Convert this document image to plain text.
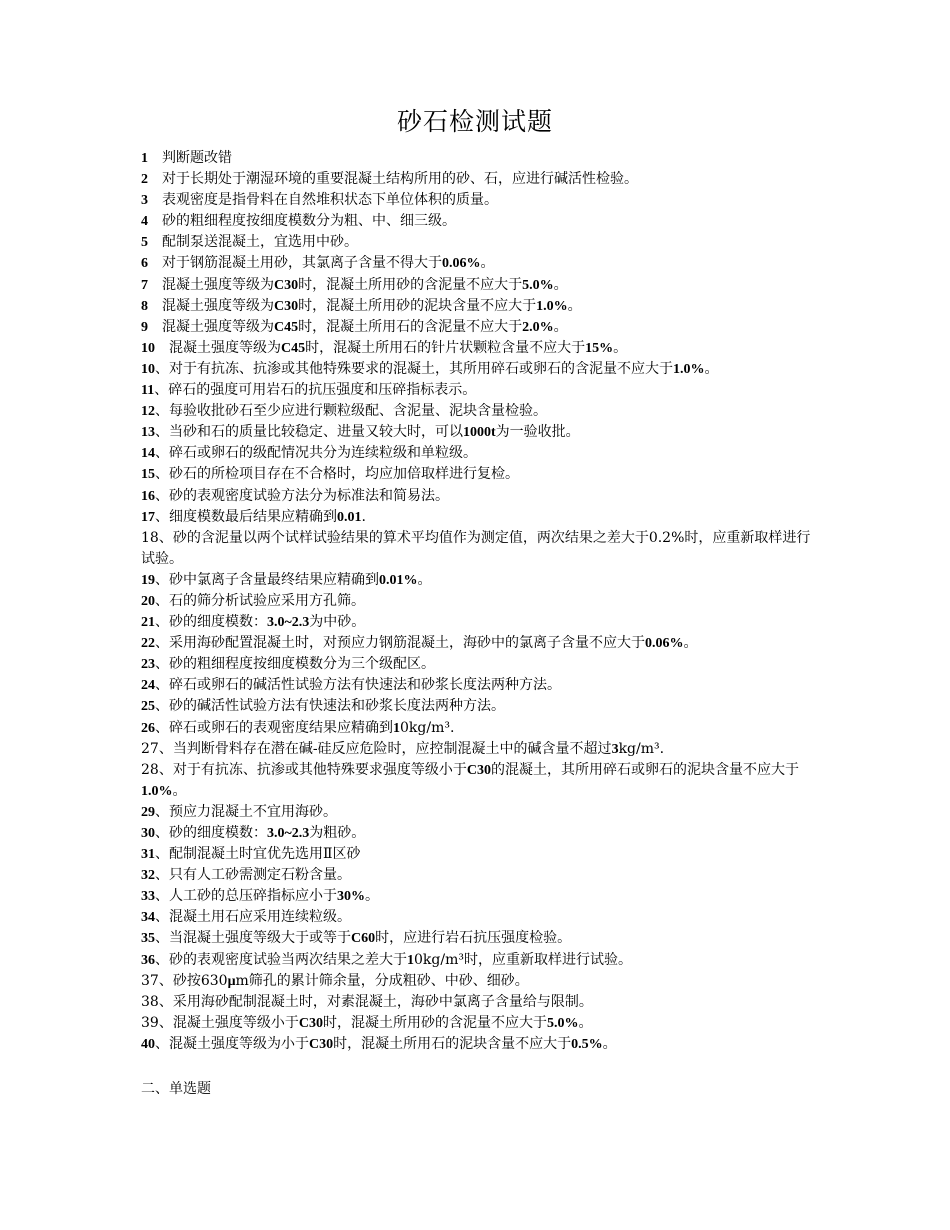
砂石检测试题
1 判断题改错
2 对于长期处于潮湿环境的重要混凝土结构所用的砂、石，应进行碱活性检验。
3 表观密度是指骨料在自然堆积状态下单位体积的质量。
4 砂的粗细程度按细度模数分为粗、中、细三级。
5 配制泵送混凝土，宜选用中砂。
6 对于钢筋混凝土用砂，其氯离子含量不得大于0.06%。
7 混凝土强度等级为C30时，混凝土所用砂的含泥量不应大于5.0%。
8 混凝土强度等级为C30时，混凝土所用砂的泥块含量不应大于1.0%。
9 混凝土强度等级为C45时，混凝土所用石的含泥量不应大于2.0%。
10 混凝土强度等级为C45时，混凝土所用石的针片状颗粒含量不应大于15%。
10、对于有抗冻、抗渗或其他特殊要求的混凝土，其所用碎石或卵石的含泥量不应大于1.0%。
11、碎石的强度可用岩石的抗压强度和压碎指标表示。
12、每验收批砂石至少应进行颗粒级配、含泥量、泥块含量检验。
13、当砂和石的质量比较稳定、进量又较大时，可以1000t为一验收批。
14、碎石或卵石的级配情况共分为连续粒级和单粒级。
15、砂石的所检项目存在不合格时，均应加倍取样进行复检。
16、砂的表观密度试验方法分为标准法和简易法。
17、细度模数最后结果应精确到0.01.
18、砂的含泥量以两个试样试验结果的算术平均值作为测定值，两次结果之差大于0.2%时，应重新取样进行试验。
19、砂中氯离子含量最终结果应精确到0.01%。
20、石的筛分析试验应采用方孔筛。
21、砂的细度模数：3.0~2.3为中砂。
22、采用海砂配置混凝土时，对预应力钢筋混凝土，海砂中的氯离子含量不应大于0.06%。
23、砂的粗细程度按细度模数分为三个级配区。
24、碎石或卵石的碱活性试验方法有快速法和砂浆长度法两种方法。
25、砂的碱活性试验方法有快速法和砂浆长度法两种方法。
26、碎石或卵石的表观密度结果应精确到10kg/m³.
27、当判断骨料存在潜在碱-硅反应危险时，应控制混凝土中的碱含量不超过3kg/m³.
28、对于有抗冻、抗渗或其他特殊要求强度等级小于C30的混凝土，其所用碎石或卵石的泥块含量不应大于1.0%。
29、预应力混凝土不宜用海砂。
30、砂的细度模数：3.0~2.3为粗砂。
31、配制混凝土时宜优先选用Ⅱ区砂
32、只有人工砂需测定石粉含量。
33、人工砂的总压碎指标应小于30%。
34、混凝土用石应采用连续粒级。
35、当混凝土强度等级大于或等于C60时，应进行岩石抗压强度检验。
36、砂的表观密度试验当两次结果之差大于10kg/m³时，应重新取样进行试验。
37、砂按630μm筛孔的累计筛余量，分成粗砂、中砂、细砂。
38、采用海砂配制混凝土时，对素混凝土，海砂中氯离子含量给与限制。
39、混凝土强度等级小于C30时，混凝土所用砂的含泥量不应大于5.0%。
40、混凝土强度等级为小于C30时，混凝土所用石的泥块含量不应大于0.5%。
二、单选题
